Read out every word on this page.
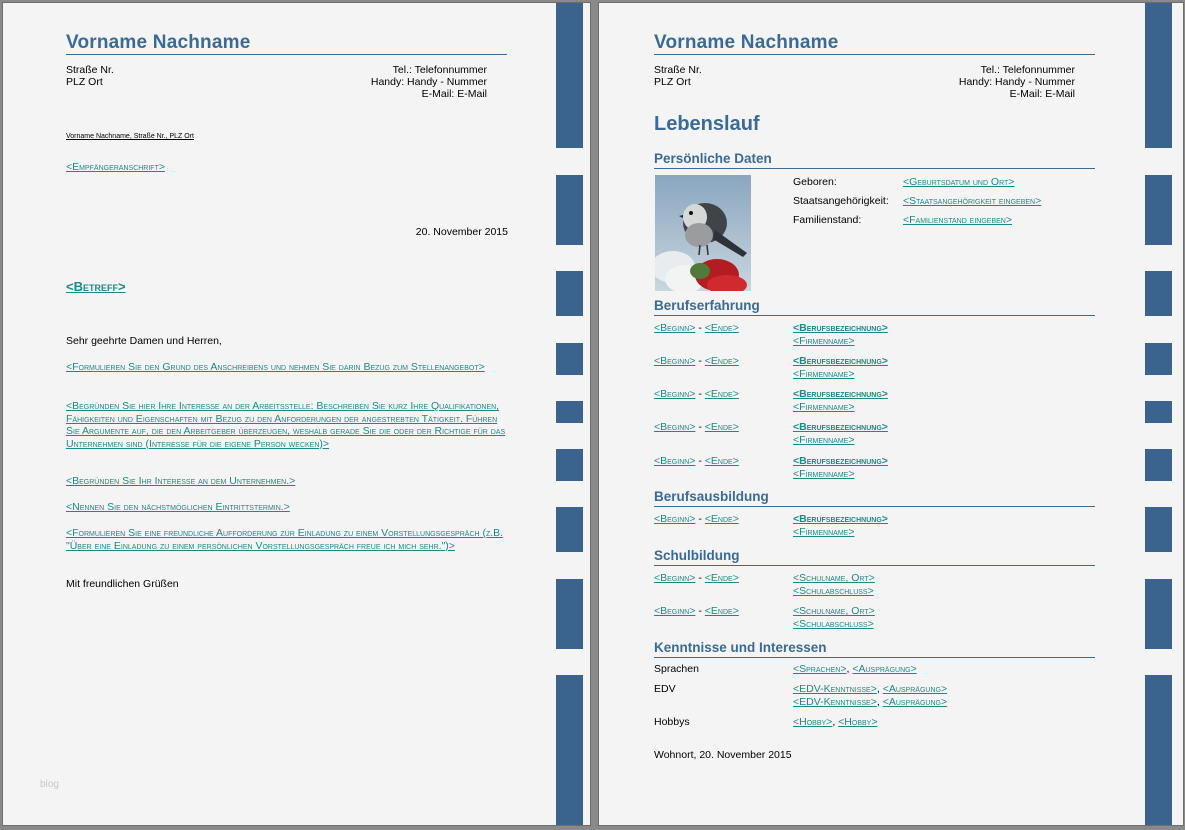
Vorname Nachname
Straße Nr.
PLZ Ort
Tel.: Telefonnummer
Handy: Handy - Nummer
E-Mail: E-Mail
Vorname Nachname, Straße Nr., PLZ Ort
<Empfängeranschrift>
20. November 2015
<Betreff>
Sehr geehrte Damen und Herren,
<Formulieren Sie den Grund des Anschreibens und nehmen Sie darin Bezug zum Stellenangebot>
<Begründen Sie hier Ihre Interesse an der Arbeitsstelle: Beschreiben Sie kurz Ihre Qualifikationen, Fähigkeiten und Eigenschaften mit Bezug zu den Anforderungen der angestrebten Tätigkeit. Führen Sie Argumente auf, die den Arbeitgeber überzeugen, weshalb gerade Sie die oder der Richtige für das Unternehmen sind (Interesse für die eigene Person wecken)>
<Begründen Sie Ihr Interesse an dem Unternehmen.>
<Nennen Sie den nächstmöglichen Eintrittstermin.>
<Formulieren Sie eine freundliche Aufforderung zur Einladung zu einem Vorstellungsgespräch (z.B. "Über eine Einladung zu einem persönlichen Vorstellungsgespräch freue ich mich sehr.")>
Mit freundlichen Grüßen
blog
Vorname Nachname
Straße Nr.
PLZ Ort
Tel.: Telefonnummer
Handy: Handy - Nummer
E-Mail: E-Mail
Lebenslauf
Persönliche Daten
Geboren:	<Geburtsdatum und Ort>
Staatsangehörigkeit: <Staatsangehörigkeit eingeben>
Familienstand:	<Familienstand eingeben>
Berufserfahrung
<Beginn> - <Ende>	<Berufsbezeichnung>
<Firmenname>
<Beginn> - <Ende>	<Berufsbezeichnung>
<Firmenname>
<Beginn> - <Ende>	<Berufsbezeichnung>
<Firmenname>
<Beginn> - <Ende>	<Berufsbezeichnung>
<Firmenname>
<Beginn> - <Ende>	<Berufsbezeichnung>
<Firmenname>
Berufsausbildung
<Beginn> - <Ende>	<Berufsbezeichnung>
<Firmenname>
Schulbildung
<Beginn> - <Ende>	<Schulname, Ort>
<Schulabschluss>
<Beginn> - <Ende>	<Schulname, Ort>
<Schulabschluss>
Kenntnisse und Interessen
Sprachen	<Sprachen>, <Ausprägung>
EDV	<EDV-Kenntnisse>, <Ausprägung>
<EDV-Kenntnisse>, <Ausprägung>
Hobbys	<Hobby>, <Hobby>
Wohnort, 20. November 2015
